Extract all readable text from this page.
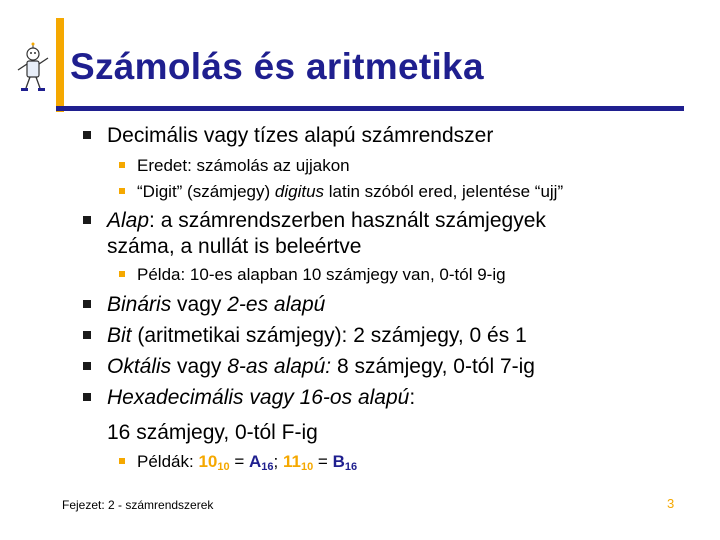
Számolás és aritmetika
Decimális vagy tízes alapú számrendszer
Eredet: számolás az ujjakon
“Digit” (számjegy) digitus latin szóból ered, jelentése “ujj”
Alap: a számrendszerben használt számjegyek
száma, a nullát is beleértve
Példa: 10-es alapban 10 számjegy van, 0-tól 9-ig
Bináris vagy 2-es alapú
Bit (aritmetikai számjegy): 2 számjegy, 0 és 1
Oktális vagy 8-as alapú: 8 számjegy, 0-tól 7-ig
Hexadecimális vagy 16-os alapú:
16 számjegy, 0-tól F-ig
Példák: $10_{10} = A_{16}$; $11_{10} = B_{16}$
Fejezet: 2 - számrendszerek	3
